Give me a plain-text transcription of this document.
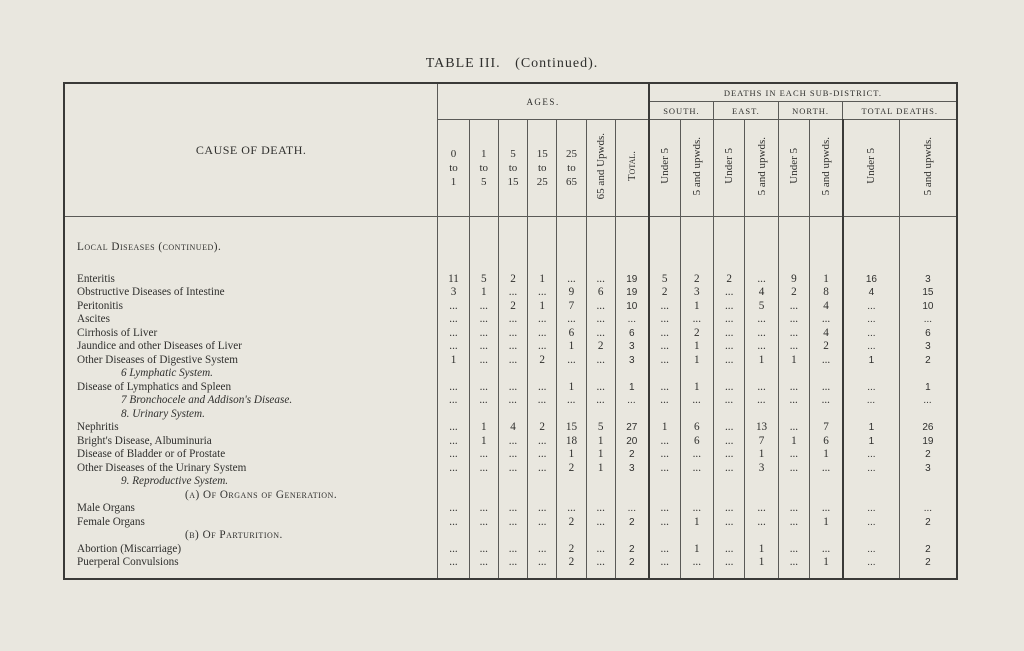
TABLE III. (Continued).
CAUSE OF DEATH.	AGES.							DEATHS IN EACH SUB-DISTRICT.							
								SOUTH.		EAST.		NORTH.		TOTAL DEATHS.	
	0
to
1	1
to
5	5
to
15	15
to
25	25
to
65	65 and Upwds.	Total.	Under 5	5 and upwds.	Under 5	5 and upwds.	Under 5	5 and upwds.	Under 5	5 and upwds.

Local Diseases (continued).															

Enteritis	11	5	2	1	...	...	19	5	2	2	...	9	1	16	3
Obstructive Diseases of Intestine	3	1	...	...	9	6	19	2	3	...	4	2	8	4	15
Peritonitis	...	...	2	1	7	...	10	...	1	...	5	...	4	...	10
Ascites	...	...	...	...	...	...	...	...	...	...	...	...	...	...	...
Cirrhosis of Liver	...	...	...	...	6	...	6	...	2	...	...	...	4	...	6
Jaundice and other Diseases of Liver	...	...	...	...	1	2	3	...	1	...	...	...	2	...	3
Other Diseases of Digestive System	1	...	...	2	...	...	3	...	1	...	1	1	...	1	2
6 Lymphatic System.															
Disease of Lymphatics and Spleen	...	...	...	...	1	...	1	...	1	...	...	...	...	...	1
7 Bronchocele and Addison's Disease.	...	...	...	...	...	...	...	...	...	...	...	...	...	...	...
8. Urinary System.															
Nephritis	...	1	4	2	15	5	27	1	6	...	13	...	7	1	26
Bright's Disease, Albuminuria	...	1	...	...	18	1	20	...	6	...	7	1	6	1	19
Disease of Bladder or of Prostate	...	...	...	...	1	1	2	...	...	...	1	...	1	...	2
Other Diseases of the Urinary System	...	...	...	...	2	1	3	...	...	...	3	...	...	...	3
9. Reproductive System.															
(a) Of Organs of Generation.															
Male Organs	...	...	...	...	...	...	...	...	...	...	...	...	...	...	...
Female Organs	...	...	...	...	2	...	2	...	1	...	...	...	1	...	2
(b) Of Parturition.															
Abortion (Miscarriage)	...	...	...	...	2	...	2	...	1	...	1	...	...	...	2
Puerperal Convulsions	...	...	...	...	2	...	2	...	...	...	1	...	1	...	2
